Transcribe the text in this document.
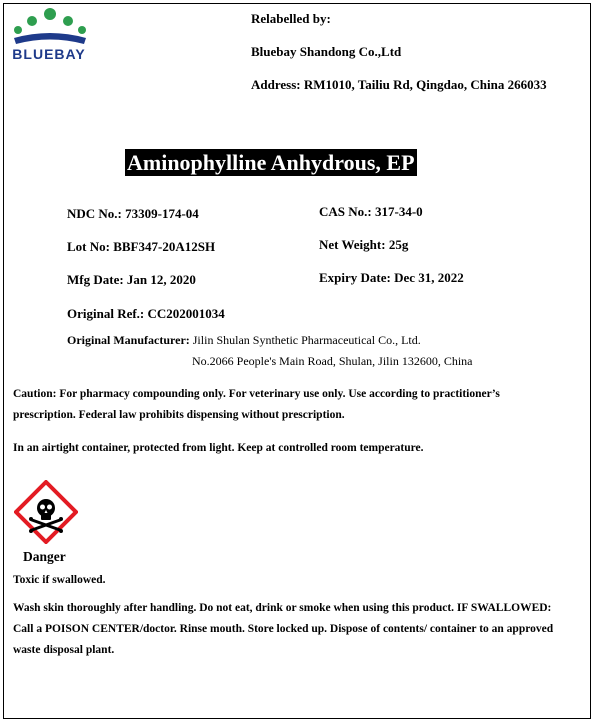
BLUEBAY
Relabelled by:
Bluebay Shandong Co.,Ltd
Address: RM1010, Tailiu Rd, Qingdao, China 266033
Aminophylline Anhydrous, EP
NDC No.: 73309-174-04	CAS No.: 317-34-0
Lot No: BBF347-20A12SH	Net Weight: 25g
Mfg Date: Jan 12, 2020	Expiry Date: Dec 31, 2022
Original Ref.: CC202001034
Original Manufacturer: Jilin Shulan Synthetic Pharmaceutical Co., Ltd.
No.2066 People's Main Road, Shulan, Jilin 132600, China
Caution: For pharmacy compounding only. For veterinary use only. Use according to practitioner’s
prescription. Federal law prohibits dispensing without prescription.
In an airtight container, protected from light. Keep at controlled room temperature.
Danger
Toxic if swallowed.
Wash skin thoroughly after handling. Do not eat, drink or smoke when using this product. IF SWALLOWED:
Call a POISON CENTER/doctor. Rinse mouth. Store locked up. Dispose of contents/ container to an approved
waste disposal plant.
